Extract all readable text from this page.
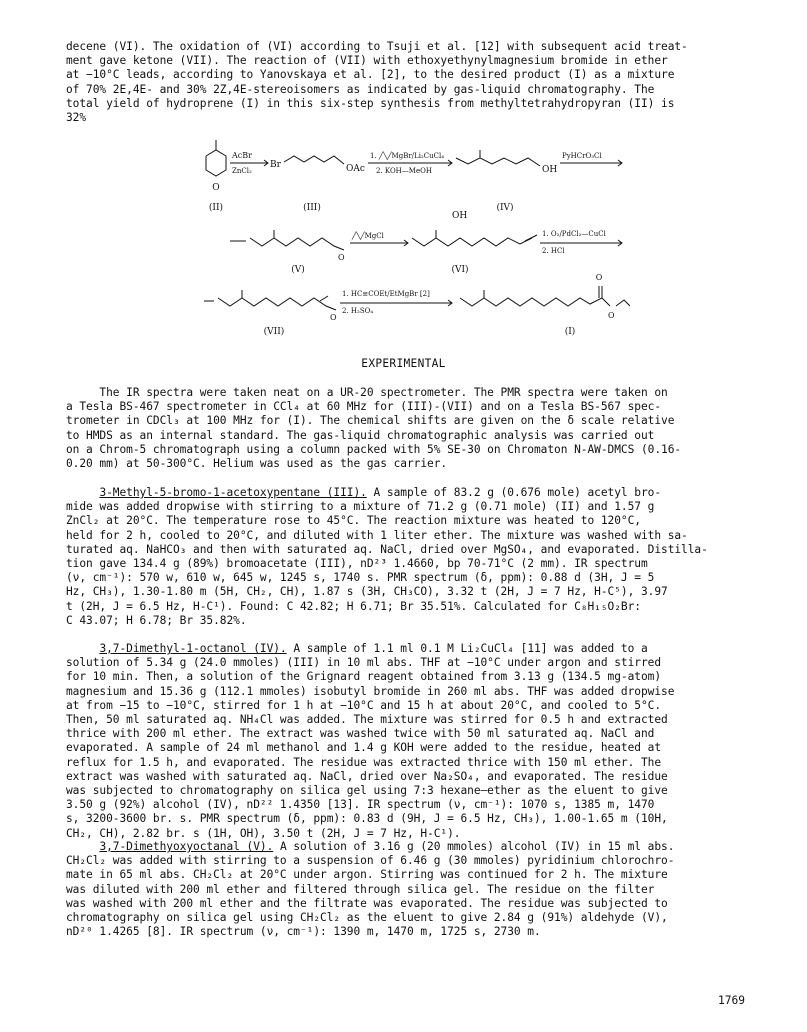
decene (VI). The oxidation of (VI) according to Tsuji et al. [12] with subsequent acid treat-
ment gave ketone (VII). The reaction of (VII) with ethoxyethynylmagnesium bromide in ether
at −10°C leads, according to Yanovskaya et al. [2], to the desired product (I) as a mixture
of 70% 2E,4E- and 30% 2Z,4E-stereoisomers as indicated by gas-liquid chromatography. The
total yield of hydroprene (I) in this six-step synthesis from methyltetrahydropyran (II) is
32%
O
AcBr
ZnCl₂
Br	OAc
1. ╱╲╱MgBr/Li₂CuCl₄
2. KOH—MeOH	OH
PyHCrO₃Cl
(II)	(III)	(IV)
O
╱╲╱MgCl
OH
1. O₂/PdCl₂—CuCl
2. HCl
(V)	(VI)
O
1. HC≡COEt/EtMgBr [2]
2. H₂SO₄
O
O
(VII)	(I)
EXPERIMENTAL
The IR spectra were taken neat on a UR-20 spectrometer. The PMR spectra were taken on
a Tesla BS-467 spectrometer in CCl₄ at 60 MHz for (III)-(VII) and on a Tesla BS-567 spec-
trometer in CDCl₃ at 100 MHz for (I). The chemical shifts are given on the δ scale relative
to HMDS as an internal standard. The gas-liquid chromatographic analysis was carried out
on a Chrom-5 chromatograph using a column packed with 5% SE-30 on Chromaton N-AW-DMCS (0.16-
0.20 mm) at 50-300°C. Helium was used as the gas carrier.
3-Methyl-5-bromo-1-acetoxypentane (III). A sample of 83.2 g (0.676 mole) acetyl bro-
mide was added dropwise with stirring to a mixture of 71.2 g (0.71 mole) (II) and 1.57 g
ZnCl₂ at 20°C. The temperature rose to 45°C. The reaction mixture was heated to 120°C,
held for 2 h, cooled to 20°C, and diluted with 1 liter ether. The mixture was washed with sa-
turated aq. NaHCO₃ and then with saturated aq. NaCl, dried over MgSO₄, and evaporated. Distilla-
tion gave 134.4 g (89%) bromoacetate (III), nD²³ 1.4660, bp 70-71°C (2 mm). IR spectrum
(ν, cm⁻¹): 570 w, 610 w, 645 w, 1245 s, 1740 s. PMR spectrum (δ, ppm): 0.88 d (3H, J = 5
Hz, CH₃), 1.30-1.80 m (5H, CH₂, CH), 1.87 s (3H, CH₃CO), 3.32 t (2H, J = 7 Hz, H-C⁵), 3.97
t (2H, J = 6.5 Hz, H-C¹). Found: C 42.82; H 6.71; Br 35.51%. Calculated for C₈H₁₅O₂Br:
C 43.07; H 6.78; Br 35.82%.
3,7-Dimethyl-1-octanol (IV). A sample of 1.1 ml 0.1 M Li₂CuCl₄ [11] was added to a
solution of 5.34 g (24.0 mmoles) (III) in 10 ml abs. THF at −10°C under argon and stirred
for 10 min. Then, a solution of the Grignard reagent obtained from 3.13 g (134.5 mg-atom)
magnesium and 15.36 g (112.1 mmoles) isobutyl bromide in 260 ml abs. THF was added dropwise
at from −15 to −10°C, stirred for 1 h at −10°C and 15 h at about 20°C, and cooled to 5°C.
Then, 50 ml saturated aq. NH₄Cl was added. The mixture was stirred for 0.5 h and extracted
thrice with 200 ml ether. The extract was washed twice with 50 ml saturated aq. NaCl and
evaporated. A sample of 24 ml methanol and 1.4 g KOH were added to the residue, heated at
reflux for 1.5 h, and evaporated. The residue was extracted thrice with 150 ml ether. The
extract was washed with saturated aq. NaCl, dried over Na₂SO₄, and evaporated. The residue
was subjected to chromatography on silica gel using 7:3 hexane—ether as the eluent to give
3.50 g (92%) alcohol (IV), nD²² 1.4350 [13]. IR spectrum (ν, cm⁻¹): 1070 s, 1385 m, 1470
s, 3200-3600 br. s. PMR spectrum (δ, ppm): 0.83 d (9H, J = 6.5 Hz, CH₃), 1.00-1.65 m (10H,
CH₂, CH), 2.82 br. s (1H, OH), 3.50 t (2H, J = 7 Hz, H-C¹).
3,7-Dimethyoxyoctanal (V). A solution of 3.16 g (20 mmoles) alcohol (IV) in 15 ml abs.
CH₂Cl₂ was added with stirring to a suspension of 6.46 g (30 mmoles) pyridinium chlorochro-
mate in 65 ml abs. CH₂Cl₂ at 20°C under argon. Stirring was continued for 2 h. The mixture
was diluted with 200 ml ether and filtered through silica gel. The residue on the filter
was washed with 200 ml ether and the filtrate was evaporated. The residue was subjected to
chromatography on silica gel using CH₂Cl₂ as the eluent to give 2.84 g (91%) aldehyde (V),
nD²⁰ 1.4265 [8]. IR spectrum (ν, cm⁻¹): 1390 m, 1470 m, 1725 s, 2730 m.
1769
